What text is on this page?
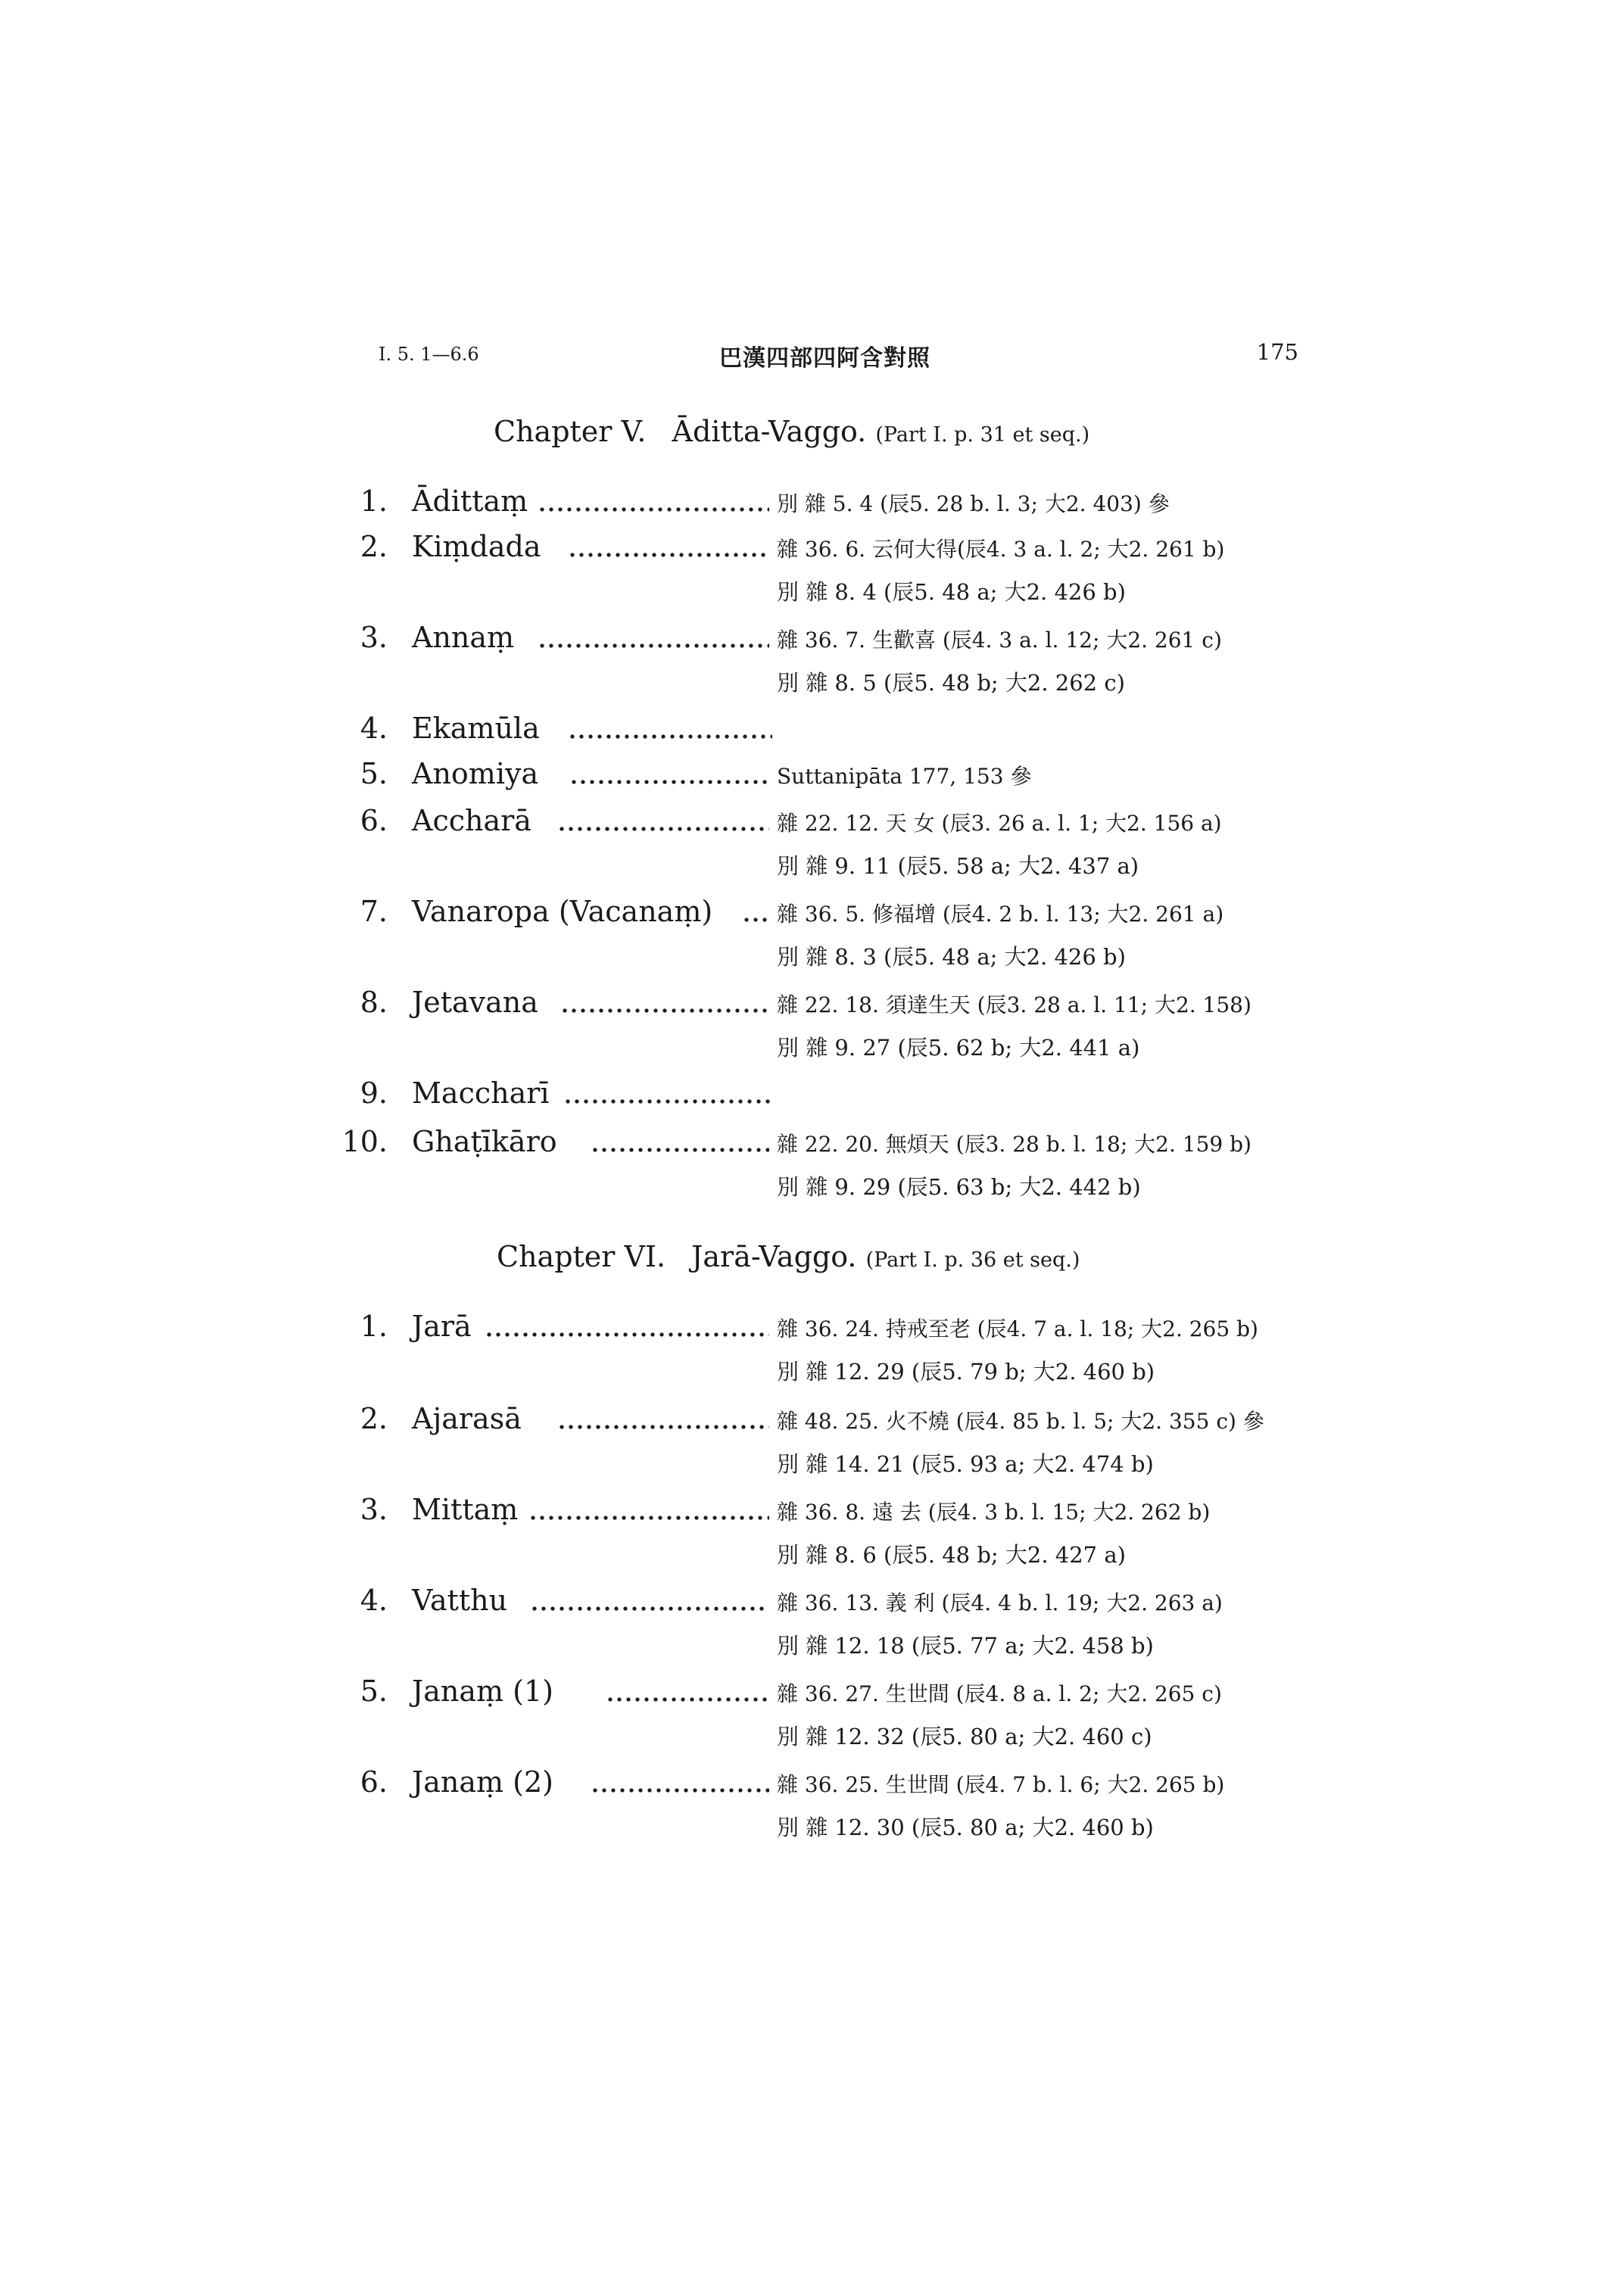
I. 5. 1—6.6	巴漢四部四阿含對照	175
Chapter V. Āditta-Vaggo. (Part I. p. 31 et seq.)
1. Ādittaṃ	別 雜 5. 4 (辰5. 28 b. l. 3; 大2. 403) 參
2. Kiṃdada	雜 36. 6. 云何大得(辰4. 3 a. l. 2; 大2. 261 b)
別 雜 8. 4 (辰5. 48 a; 大2. 426 b)
3. Annaṃ	雜 36. 7. 生歡喜 (辰4. 3 a. l. 12; 大2. 261 c)
別 雜 8. 5 (辰5. 48 b; 大2. 262 c)
4. Ekamūla
5. Anomiya	Suttanipāta 177, 153 參
6. Accharā	雜 22. 12. 天 女 (辰3. 26 a. l. 1; 大2. 156 a)
別 雜 9. 11 (辰5. 58 a; 大2. 437 a)
7. Vanaropa (Vacanaṃ)	雜 36. 5. 修福增 (辰4. 2 b. l. 13; 大2. 261 a)
別 雜 8. 3 (辰5. 48 a; 大2. 426 b)
8. Jetavana	雜 22. 18. 須達生天 (辰3. 28 a. l. 11; 大2. 158)
別 雜 9. 27 (辰5. 62 b; 大2. 441 a)
9. Maccharī
10. Ghaṭīkāro	雜 22. 20. 無煩天 (辰3. 28 b. l. 18; 大2. 159 b)
別 雜 9. 29 (辰5. 63 b; 大2. 442 b)
Chapter VI. Jarā-Vaggo. (Part I. p. 36 et seq.)
1. Jarā	雜 36. 24. 持戒至老 (辰4. 7 a. l. 18; 大2. 265 b)
別 雜 12. 29 (辰5. 79 b; 大2. 460 b)
2. Ajarasā	雜 48. 25. 火不燒 (辰4. 85 b. l. 5; 大2. 355 c) 參
別 雜 14. 21 (辰5. 93 a; 大2. 474 b)
3. Mittaṃ	雜 36. 8. 遠 去 (辰4. 3 b. l. 15; 大2. 262 b)
別 雜 8. 6 (辰5. 48 b; 大2. 427 a)
4. Vatthu	雜 36. 13. 義 利 (辰4. 4 b. l. 19; 大2. 263 a)
別 雜 12. 18 (辰5. 77 a; 大2. 458 b)
5. Janaṃ (1)	雜 36. 27. 生世間 (辰4. 8 a. l. 2; 大2. 265 c)
別 雜 12. 32 (辰5. 80 a; 大2. 460 c)
6. Janaṃ (2)	雜 36. 25. 生世間 (辰4. 7 b. l. 6; 大2. 265 b)
別 雜 12. 30 (辰5. 80 a; 大2. 460 b)
